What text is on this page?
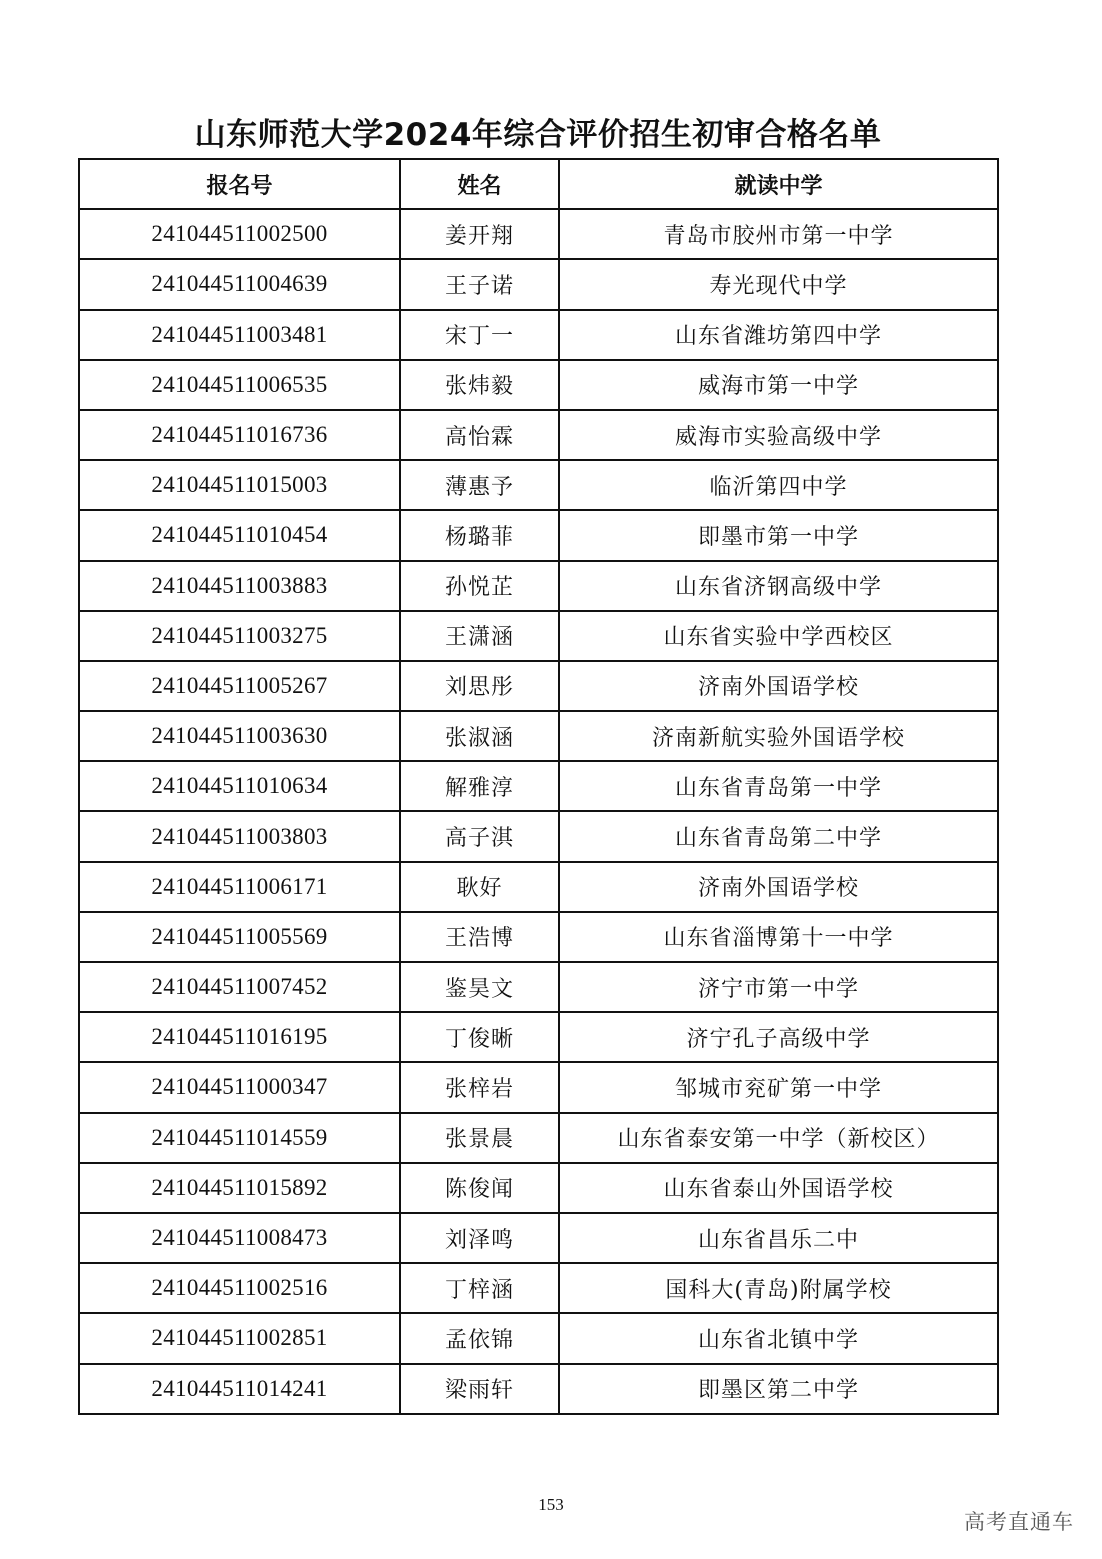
山东师范大学2024年综合评价招生初审合格名单
报名号	姓名	就读中学
241044511002500	姜开翔	青岛市胶州市第一中学
241044511004639	王子诺	寿光现代中学
241044511003481	宋丁一	山东省潍坊第四中学
241044511006535	张炜毅	威海市第一中学
241044511016736	高怡霖	威海市实验高级中学
241044511015003	薄惠予	临沂第四中学
241044511010454	杨璐菲	即墨市第一中学
241044511003883	孙悦芷	山东省济钢高级中学
241044511003275	王潇涵	山东省实验中学西校区
241044511005267	刘思彤	济南外国语学校
241044511003630	张淑涵	济南新航实验外国语学校
241044511010634	解雅淳	山东省青岛第一中学
241044511003803	高子淇	山东省青岛第二中学
241044511006171	耿好	济南外国语学校
241044511005569	王浩博	山东省淄博第十一中学
241044511007452	鉴昊文	济宁市第一中学
241044511016195	丁俊晰	济宁孔子高级中学
241044511000347	张梓岩	邹城市兖矿第一中学
241044511014559	张景晨	山东省泰安第一中学（新校区）
241044511015892	陈俊闻	山东省泰山外国语学校
241044511008473	刘泽鸣	山东省昌乐二中
241044511002516	丁梓涵	国科大(青岛)附属学校
241044511002851	孟依锦	山东省北镇中学
241044511014241	梁雨轩	即墨区第二中学
153
高考直通车
